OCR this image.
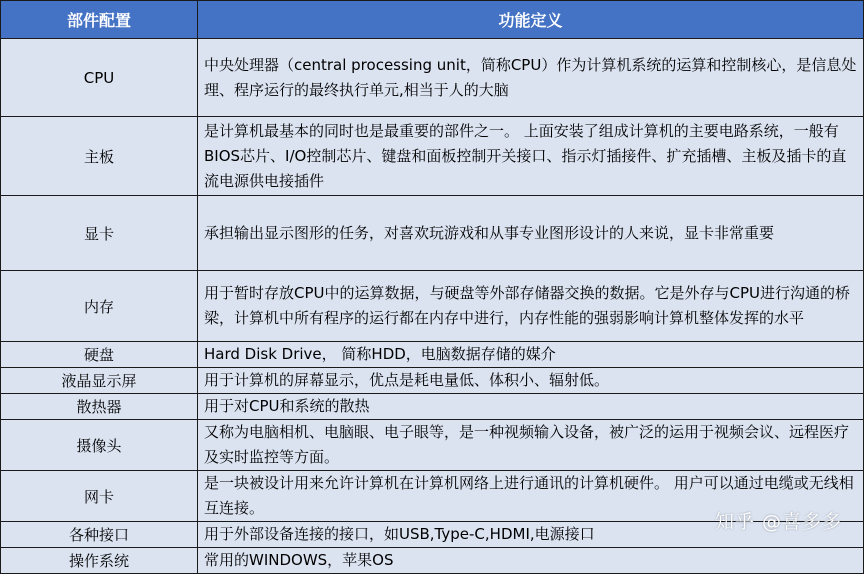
部件配置	功能定义
CPU	中央处理器（central processing unit，简称CPU）作为计算机系统的运算和控制核心，是信息处理、程序运行的最终执行单元,相当于人的大脑
主板	是计算机最基本的同时也是最重要的部件之一。 上面安装了组成计算机的主要电路系统，一般有BIOS芯片、I/O控制芯片、键盘和面板控制开关接口、指示灯插接件、扩充插槽、主板及插卡的直流电源供电接插件
显卡	承担输出显示图形的任务，对喜欢玩游戏和从事专业图形设计的人来说，显卡非常重要
内存	用于暂时存放CPU中的运算数据，与硬盘等外部存储器交换的数据。它是外存与CPU进行沟通的桥梁，计算机中所有程序的运行都在内存中进行，内存性能的强弱影响计算机整体发挥的水平
硬盘	Hard Disk Drive， 简称HDD，电脑数据存储的媒介
液晶显示屏	用于计算机的屏幕显示，优点是耗电量低、体积小、辐射低。
散热器	用于对CPU和系统的散热
摄像头	又称为电脑相机、电脑眼、电子眼等，是一种视频输入设备，被广泛的运用于视频会议、远程医疗及实时监控等方面。
网卡	是一块被设计用来允许计算机在计算机网络上进行通讯的计算机硬件。 用户可以通过电缆或无线相互连接。
各种接口	用于外部设备连接的接口，如USB,Type-C,HDMI,电源接口
操作系统	常用的WINDOWS，苹果OS
知乎 @喜多多
